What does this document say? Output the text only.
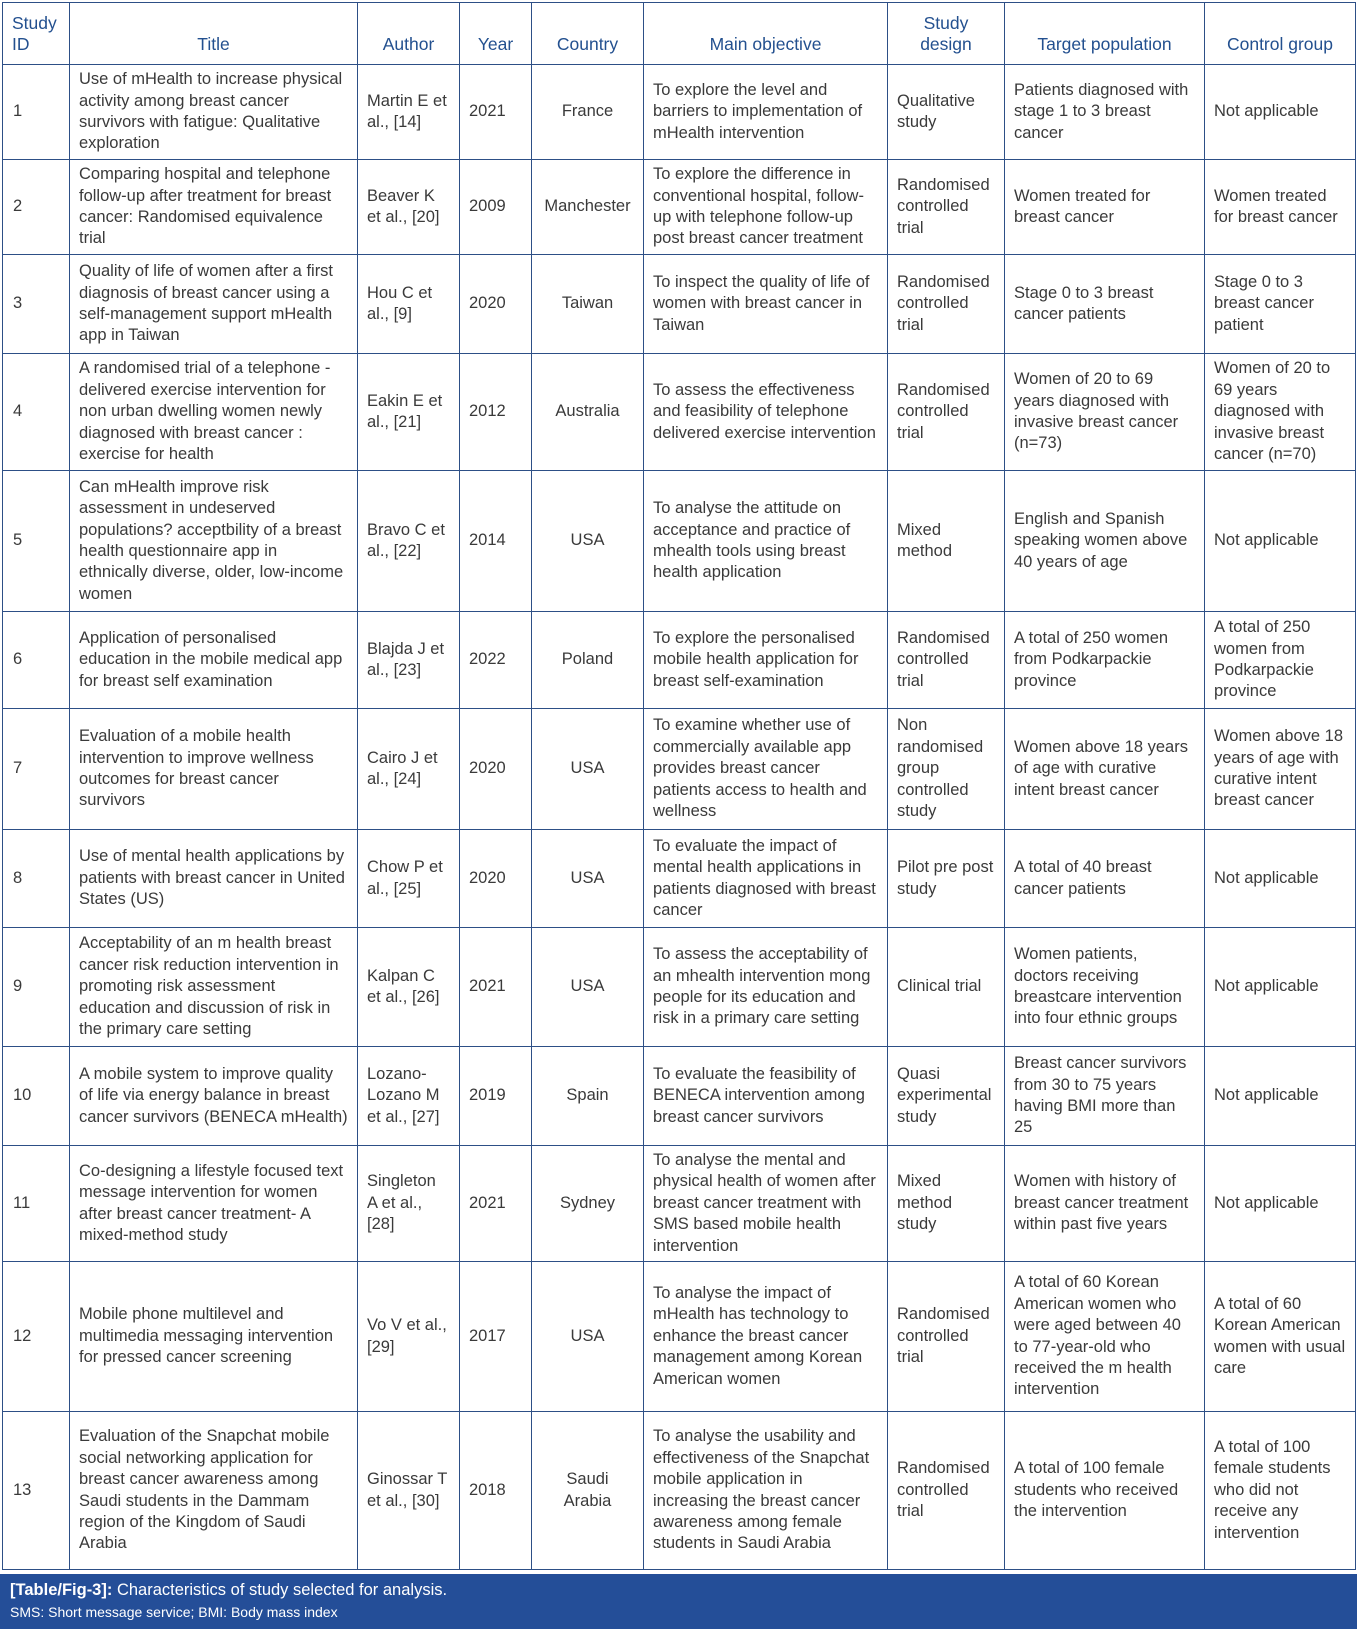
Study ID	Title	Author	Year	Country	Main objective	Study design	Target population	Control group
1	Use of mHealth to increase physical activity among breast cancer survivors with fatigue: Qualitative exploration	Martin E et al., [14]	2021	France	To explore the level and barriers to implementation of mHealth intervention	Qualitative study	Patients diagnosed with stage 1 to 3 breast cancer	Not applicable
2	Comparing hospital and telephone follow-up after treatment for breast cancer: Randomised equivalence trial	Beaver K et al., [20]	2009	Manchester	To explore the difference in conventional hospital, follow-up with telephone follow-up post breast cancer treatment	Randomised controlled trial	Women treated for breast cancer	Women treated for breast cancer
3	Quality of life of women after a first diagnosis of breast cancer using a self-management support mHealth app in Taiwan	Hou C et al., [9]	2020	Taiwan	To inspect the quality of life of women with breast cancer in Taiwan	Randomised controlled trial	Stage 0 to 3 breast cancer patients	Stage 0 to 3 breast cancer patient
4	A randomised trial of a telephone -delivered exercise intervention for non urban dwelling women newly diagnosed with breast cancer : exercise for health	Eakin E et al., [21]	2012	Australia	To assess the effectiveness and feasibility of telephone delivered exercise intervention	Randomised controlled trial	Women of 20 to 69 years diagnosed with invasive breast cancer (n=73)	Women of 20 to 69 years diagnosed with invasive breast cancer (n=70)
5	Can mHealth improve risk assessment in undeserved populations? acceptbility of a breast health questionnaire app in ethnically diverse, older, low-income women	Bravo C et al., [22]	2014	USA	To analyse the attitude on acceptance and practice of mhealth tools using breast health application	Mixed method	English and Spanish speaking women above 40 years of age	Not applicable
6	Application of personalised education in the mobile medical app for breast self examination	Blajda J et al., [23]	2022	Poland	To explore the personalised mobile health application for breast self-examination	Randomised controlled trial	A total of 250 women from Podkarpackie province	A total of 250 women from Podkarpackie province
7	Evaluation of a mobile health intervention to improve wellness outcomes for breast cancer survivors	Cairo J et al., [24]	2020	USA	To examine whether use of commercially available app provides breast cancer patients access to health and wellness	Non randomised group controlled study	Women above 18 years of age with curative intent breast cancer	Women above 18 years of age with curative intent breast cancer
8	Use of mental health applications by patients with breast cancer in United States (US)	Chow P et al., [25]	2020	USA	To evaluate the impact of mental health applications in patients diagnosed with breast cancer	Pilot pre post study	A total of 40 breast cancer patients	Not applicable
9	Acceptability of an m health breast cancer risk reduction intervention in promoting risk assessment education and discussion of risk in the primary care setting	Kalpan C et al., [26]	2021	USA	To assess the acceptability of an mhealth intervention mong people for its education and risk in a primary care setting	Clinical trial	Women patients, doctors receiving breastcare intervention into four ethnic groups	Not applicable
10	A mobile system to improve quality of life via energy balance in breast cancer survivors (BENECA mHealth)	Lozano-Lozano M et al., [27]	2019	Spain	To evaluate the feasibility of BENECA intervention among breast cancer survivors	Quasi experimental study	Breast cancer survivors from 30 to 75 years having BMI more than 25	Not applicable
11	Co-designing a lifestyle focused text message intervention for women after breast cancer treatment- A mixed-method study	Singleton A et al., [28]	2021	Sydney	To analyse the mental and physical health of women after breast cancer treatment with SMS based mobile health intervention	Mixed method study	Women with history of breast cancer treatment within past five years	Not applicable
12	Mobile phone multilevel and multimedia messaging intervention for pressed cancer screening	Vo V et al., [29]	2017	USA	To analyse the impact of mHealth has technology to enhance the breast cancer management among Korean American women	Randomised controlled trial	A total of 60 Korean American women who were aged between 40 to 77-year-old who received the m health intervention	A total of 60 Korean American women with usual care
13	Evaluation of the Snapchat mobile social networking application for breast cancer awareness among Saudi students in the Dammam region of the Kingdom of Saudi Arabia	Ginossar T et al., [30]	2018	Saudi Arabia	To analyse the usability and effectiveness of the Snapchat mobile application in increasing the breast cancer awareness among female students in Saudi Arabia	Randomised controlled trial	A total of 100 female students who received the intervention	A total of 100 female students who did not receive any intervention
[Table/Fig-3]: Characteristics of study selected for analysis.
SMS: Short message service; BMI: Body mass index
